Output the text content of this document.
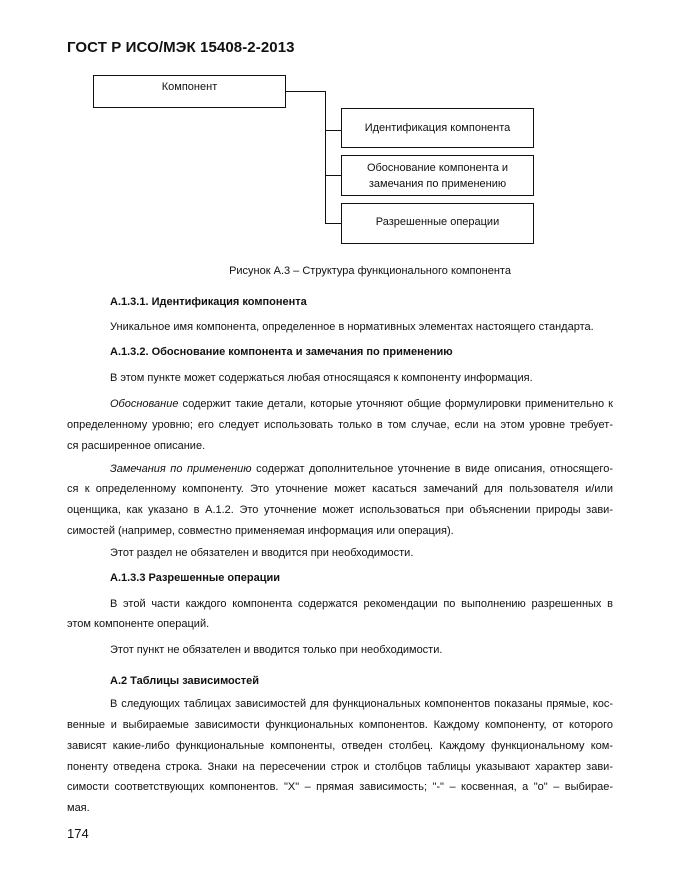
ГОСТ Р ИСО/МЭК 15408-2-2013
Компонент
Идентификация компонента
Обоснование компонента и
замечания по применению
Разрешенные операции
Рисунок А.3 – Структура функционального компонента
А.1.3.1. Идентификация компонента
Уникальное имя компонента, определенное в нормативных элементах настоящего стандарта.
А.1.3.2. Обоснование компонента и замечания по применению
В этом пункте может содержаться любая относящаяся к компоненту информация.
Обоснование содержит такие детали, которые уточняют общие формулировки применительно к
определенному уровню; его следует использовать только в том случае, если на этом уровне требует-
ся расширенное описание.
Замечания по применению содержат дополнительное уточнение в виде описания, относящего-
ся к определенному компоненту. Это уточнение может касаться замечаний для пользователя и/или
оценщика, как указано в А.1.2. Это уточнение может использоваться при объяснении природы зави-
симостей (например, совместно применяемая информация или операция).
Этот раздел не обязателен и вводится при необходимости.
А.1.3.3 Разрешенные операции
В этой части каждого компонента содержатся рекомендации по выполнению разрешенных в
этом компоненте операций.
Этот пункт не обязателен и вводится только при необходимости.
А.2 Таблицы зависимостей
В следующих таблицах зависимостей для функциональных компонентов показаны прямые, кос-
венные и выбираемые зависимости функциональных компонентов. Каждому компоненту, от которого
зависят какие-либо функциональные компоненты, отведен столбец. Каждому функциональному ком-
поненту отведена строка. Знаки на пересечении строк и столбцов таблицы указывают характер зави-
симости соответствующих компонентов. "X" – прямая зависимость; "-" – косвенная, а "o" – выбирае-
мая.
174
